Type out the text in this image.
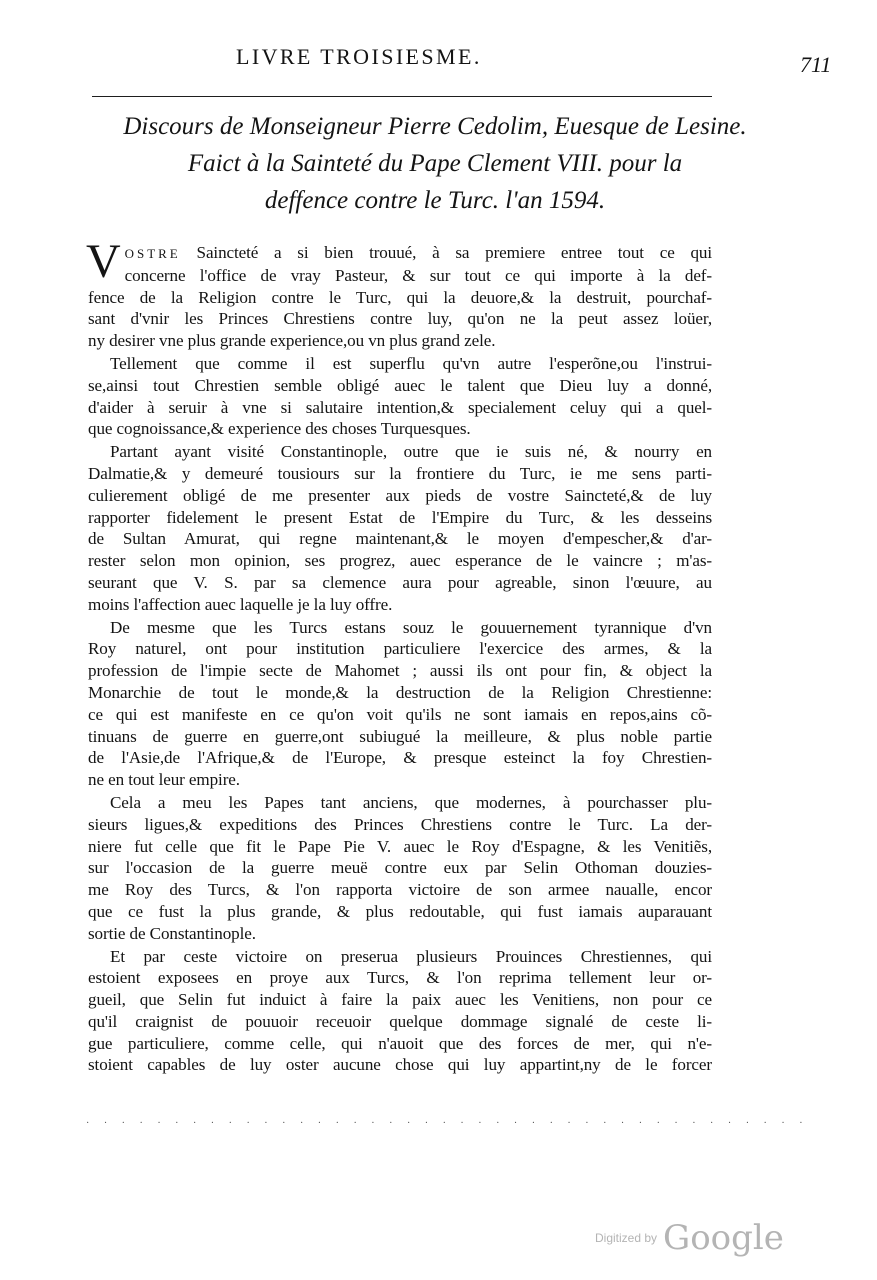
LIVRE TROISIESME.	711
Discours de Monseigneur Pierre Cedolim, Euesque de Lesine.
Faict à la Sainteté du Pape Clement VIII. pour la
deffence contre le Turc. l'an 1594.
V OSTRE Saincteté a si bien trouué, à sa premiere entree tout ce qui
concerne l'office de vray Pasteur, & sur tout ce qui importe à la def-
fence de la Religion contre le Turc, qui la deuore,& la destruit, pourchaf-
sant d'vnir les Princes Chrestiens contre luy, qu'on ne la peut assez loüer,
ny desirer vne plus grande experience,ou vn plus grand zele.
Tellement que comme il est superflu qu'vn autre l'esperõne,ou l'instrui-
se,ainsi tout Chrestien semble obligé auec le talent que Dieu luy a donné,
d'aider à seruir à vne si salutaire intention,& specialement celuy qui a quel-
que cognoissance,& experience des choses Turquesques.
Partant ayant visité Constantinople, outre que ie suis né, & nourry en
Dalmatie,& y demeuré tousiours sur la frontiere du Turc, ie me sens parti-
culierement obligé de me presenter aux pieds de vostre Saincteté,& de luy
rapporter fidelement le present Estat de l'Empire du Turc, & les desseins
de Sultan Amurat, qui regne maintenant,& le moyen d'empescher,& d'ar-
rester selon mon opinion, ses progrez, auec esperance de le vaincre ; m'as-
seurant que V. S. par sa clemence aura pour agreable, sinon l'œuure, au
moins l'affection auec laquelle je la luy offre.
De mesme que les Turcs estans souz le gouuernement tyrannique d'vn
Roy naturel, ont pour institution particuliere l'exercice des armes, & la
profession de l'impie secte de Mahomet ; aussi ils ont pour fin, & object la
Monarchie de tout le monde,& la destruction de la Religion Chrestienne:
ce qui est manifeste en ce qu'on voit qu'ils ne sont iamais en repos,ains cõ-
tinuans de guerre en guerre,ont subiugué la meilleure, & plus noble partie
de l'Asie,de l'Afrique,& de l'Europe, & presque esteinct la foy Chrestien-
ne en tout leur empire.
Cela a meu les Papes tant anciens, que modernes, à pourchasser plu-
sieurs ligues,& expeditions des Princes Chrestiens contre le Turc. La der-
niere fut celle que fit le Pape Pie V. auec le Roy d'Espagne, & les Venitiẽs,
sur l'occasion de la guerre meuë contre eux par Selin Othoman douzies-
me Roy des Turcs, & l'on rapporta victoire de son armee naualle, encor
que ce fust la plus grande, & plus redoutable, qui fust iamais auparauant
sortie de Constantinople.
Et par ceste victoire on preserua plusieurs Prouinces Chrestiennes, qui
estoient exposees en proye aux Turcs, & l'on reprima tellement leur or-
gueil, que Selin fut induict à faire la paix auec les Venitiens, non pour ce
qu'il craignist de pouuoir receuoir quelque dommage signalé de ceste li-
gue particuliere, comme celle, qui n'auoit que des forces de mer, qui n'e-
stoient capables de luy oster aucune chose qui luy appartint,ny de le forcer
· · · · · · · · · · · · · · · · · · · · · · · · · · · · · · · · · · · · · · · · ·
Digitized by Google
